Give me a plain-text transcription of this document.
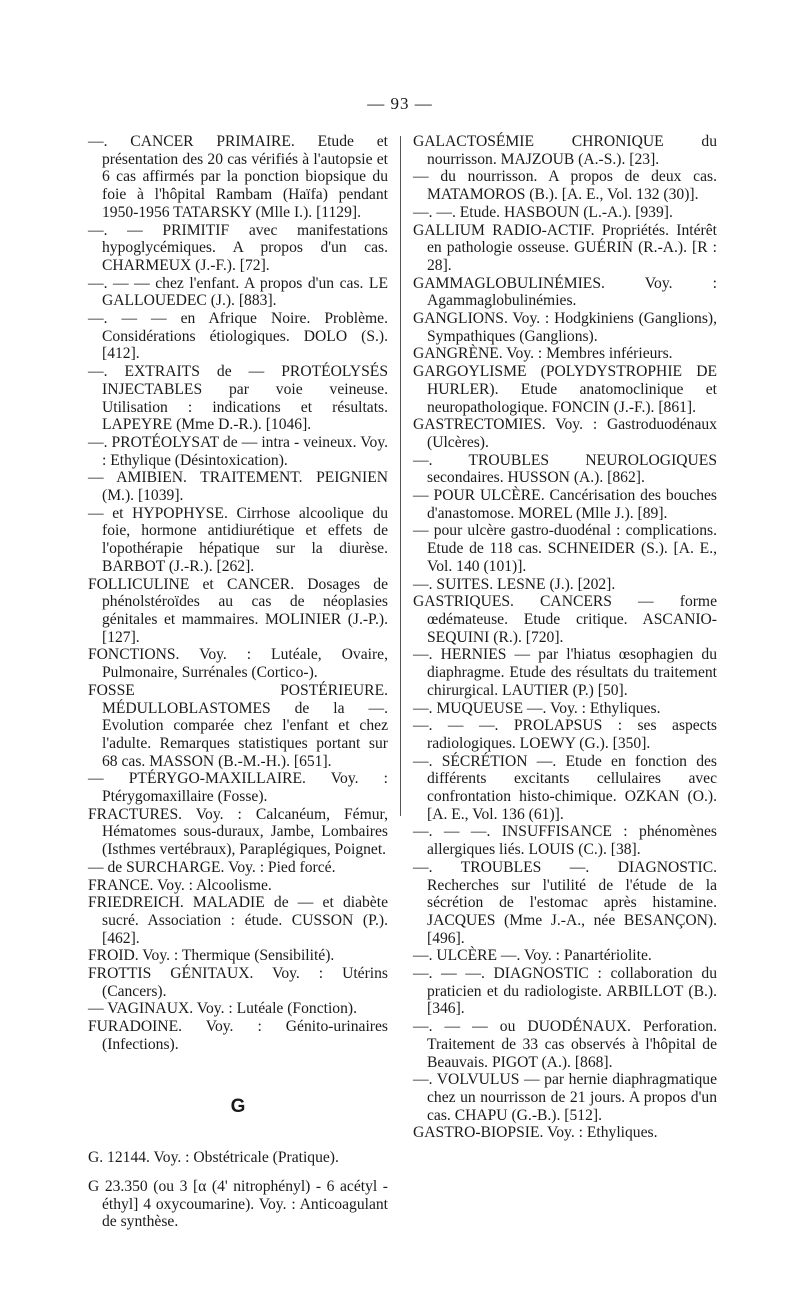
— 93 —

—. CANCER PRIMAIRE. Etude et présentation des 20 cas vérifiés à l'autopsie et 6 cas affirmés par la ponction biopsique du foie à l'hôpital Rambam (Haïfa) pendant 1950-1956 TATARSKY (Mlle I.). [1129].

—. — PRIMITIF avec manifestations hypoglycémiques. A propos d'un cas. CHARMEUX (J.-F.). [72].

—. — — chez l'enfant. A propos d'un cas. LE GALLOUEDEC (J.). [883].

—. — — en Afrique Noire. Problème. Considérations étiologiques. DOLO (S.). [412].

—. EXTRAITS de — PROTÉOLYSÉS INJECTABLES par voie veineuse. Utilisation : indications et résultats. LAPEYRE (Mme D.-R.). [1046].

—. PROTÉOLYSAT de — intra - veineux. Voy. : Ethylique (Désintoxication).

— AMIBIEN. TRAITEMENT. PEIGNIEN (M.). [1039].

— et HYPOPHYSE. Cirrhose alcoolique du foie, hormone antidiurétique et effets de l'opothérapie hépatique sur la diurèse. BARBOT (J.-R.). [262].

FOLLICULINE et CANCER. Dosages de phénolstéroïdes au cas de néoplasies génitales et mammaires. MOLINIER (J.-P.). [127].

FONCTIONS. Voy. : Lutéale, Ovaire, Pulmonaire, Surrénales (Cortico-).

FOSSE POSTÉRIEURE. MÉDULLOBLASTOMES de la —. Evolution comparée chez l'enfant et chez l'adulte. Remarques statistiques portant sur 68 cas. MASSON (B.-M.-H.). [651].

— PTÉRYGO-MAXILLAIRE. Voy. : Ptérygomaxillaire (Fosse).

FRACTURES. Voy. : Calcanéum, Fémur, Hématomes sous-duraux, Jambe, Lombaires (Isthmes vertébraux), Paraplégiques, Poignet.

— de SURCHARGE. Voy. : Pied forcé.

FRANCE. Voy. : Alcoolisme.

FRIEDREICH. MALADIE de — et diabète sucré. Association : étude. CUSSON (P.). [462].

FROID. Voy. : Thermique (Sensibilité).

FROTTIS GÉNITAUX. Voy. : Utérins (Cancers).

— VAGINAUX. Voy. : Lutéale (Fonction).

FURADOINE. Voy. : Génito-urinaires (Infections).

G

G. 12144. Voy. : Obstétricale (Pratique).

G 23.350 (ou 3 [α (4' nitrophényl) - 6 acétyl - éthyl] 4 oxycoumarine). Voy. : Anticoagulant de synthèse.

GALACTOSÉMIE CHRONIQUE du nourrisson. MAJZOUB (A.-S.). [23].

— du nourrisson. A propos de deux cas. MATAMOROS (B.). [A. E., Vol. 132 (30)].

—. —. Etude. HASBOUN (L.-A.). [939].

GALLIUM RADIO-ACTIF. Propriétés. Intérêt en pathologie osseuse. GUÉRIN (R.-A.). [R : 28].

GAMMAGLOBULINÉMIES. Voy. : Agammaglobulinémies.

GANGLIONS. Voy. : Hodgkiniens (Ganglions), Sympathiques (Ganglions).

GANGRÈNE. Voy. : Membres inférieurs.

GARGOYLISME (POLYDYSTROPHIE DE HURLER). Etude anatomoclinique et neuropathologique. FONCIN (J.-F.). [861].

GASTRECTOMIES. Voy. : Gastroduodénaux (Ulcères).

—. TROUBLES NEUROLOGIQUES secondaires. HUSSON (A.). [862].

— POUR ULCÈRE. Cancérisation des bouches d'anastomose. MOREL (Mlle J.). [89].

— pour ulcère gastro-duodénal : complications. Etude de 118 cas. SCHNEIDER (S.). [A. E., Vol. 140 (101)].

—. SUITES. LESNE (J.). [202].

GASTRIQUES. CANCERS — forme œdémateuse. Etude critique. ASCANIO-SEQUINI (R.). [720].

—. HERNIES — par l'hiatus œsophagien du diaphragme. Etude des résultats du traitement chirurgical. LAUTIER (P.) [50].

—. MUQUEUSE —. Voy. : Ethyliques.

—. — —. PROLAPSUS : ses aspects radiologiques. LOEWY (G.). [350].

—. SÉCRÉTION —. Etude en fonction des différents excitants cellulaires avec confrontation histo-chimique. OZKAN (O.). [A. E., Vol. 136 (61)].

—. — —. INSUFFISANCE : phénomènes allergiques liés. LOUIS (C.). [38].

—. TROUBLES —. DIAGNOSTIC. Recherches sur l'utilité de l'étude de la sécrétion de l'estomac après histamine. JACQUES (Mme J.-A., née BESANÇON). [496].

—. ULCÈRE —. Voy. : Panartériolite.

—. — —. DIAGNOSTIC : collaboration du praticien et du radiologiste. ARBILLOT (B.). [346].

—. — — ou DUODÉNAUX. Perforation. Traitement de 33 cas observés à l'hôpital de Beauvais. PIGOT (A.). [868].

—. VOLVULUS — par hernie diaphragmatique chez un nourrisson de 21 jours. A propos d'un cas. CHAPU (G.-B.). [512].

GASTRO-BIOPSIE. Voy. : Ethyliques.
